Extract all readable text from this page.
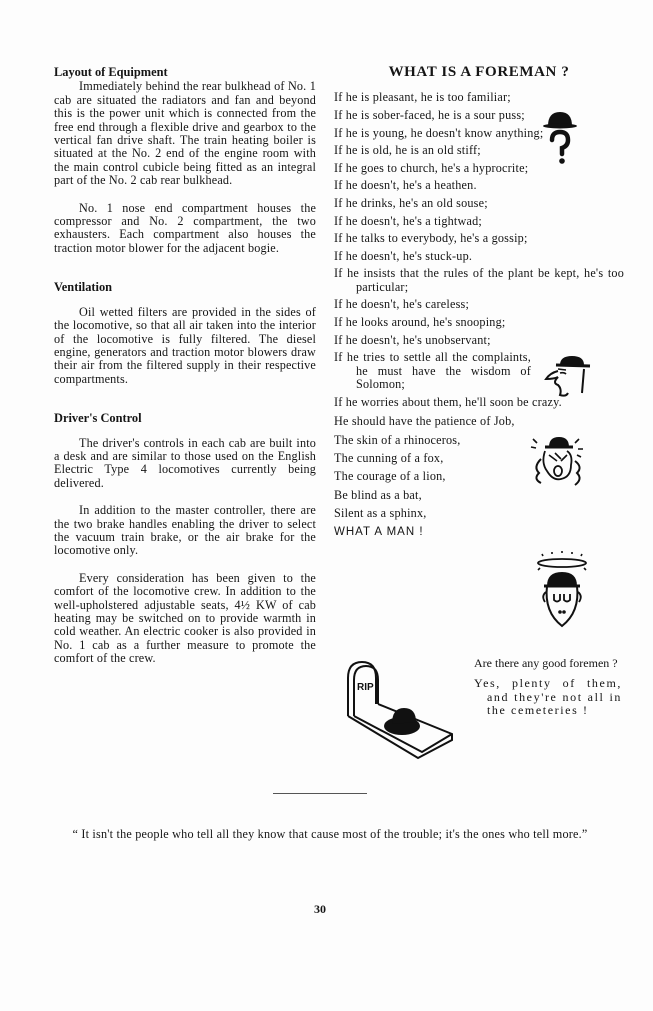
Layout of Equipment

Immediately behind the rear bulkhead of No. 1 cab are situated the radiators and fan and beyond this is the power unit which is connected from the free end through a flexible drive and gearbox to the vertical fan drive shaft. The train heating boiler is situated at the No. 2 end of the engine room with the main control cubicle being fitted as an integral part of the No. 2 cab rear bulkhead.

No. 1 nose end compartment houses the compressor and No. 2 compartment, the two exhausters. Each compartment also houses the traction motor blower for the adjacent bogie.

Ventilation

Oil wetted filters are provided in the sides of the locomotive, so that all air taken into the interior of the locomotive is fully filtered. The diesel engine, generators and traction motor blowers draw their air from the filtered supply in their respective compartments.

Driver's Control

The driver's controls in each cab are built into a desk and are similar to those used on the English Electric Type 4 locomotives currently being delivered.

In addition to the master controller, there are the two brake handles enabling the driver to select the vacuum train brake, or the air brake for the locomotive only.

Every consideration has been given to the comfort of the locomotive crew. In addition to the well-upholstered adjustable seats, 4½ KW of cab heating may be switched on to provide warmth in cold weather. An electric cooker is also provided in No. 1 cab as a further measure to promote the comfort of the crew.

WHAT IS A FOREMAN ?

If he is pleasant, he is too familiar;

If he is sober-faced, he is a sour puss;

If he is young, he doesn't know anything;

If he is old, he is an old stiff;

If he goes to church, he's a hyprocrite;

If he doesn't, he's a heathen.

If he drinks, he's an old souse;

If he doesn't, he's a tightwad;

If he talks to everybody, he's a gossip;

If he doesn't, he's stuck-up.

If he insists that the rules of the plant be kept, he's too particular;

If he doesn't, he's careless;

If he looks around, he's snooping;

If he doesn't, he's unobservant;

If he tries to settle all the complaints, he must have the wisdom of Solomon;

If he worries about them, he'll soon be crazy.

He should have the patience of Job,

The skin of a rhinoceros,

The cunning of a fox,

The courage of a lion,

Be blind as a bat,

Silent as a sphinx,

WHAT A MAN !

RIP

Are there any good foremen ?

Yes, plenty of them, and they're not all in the cemeteries !

“ It isn't the people who tell all they know that cause most of the trouble; it's the ones who tell more.”
30
